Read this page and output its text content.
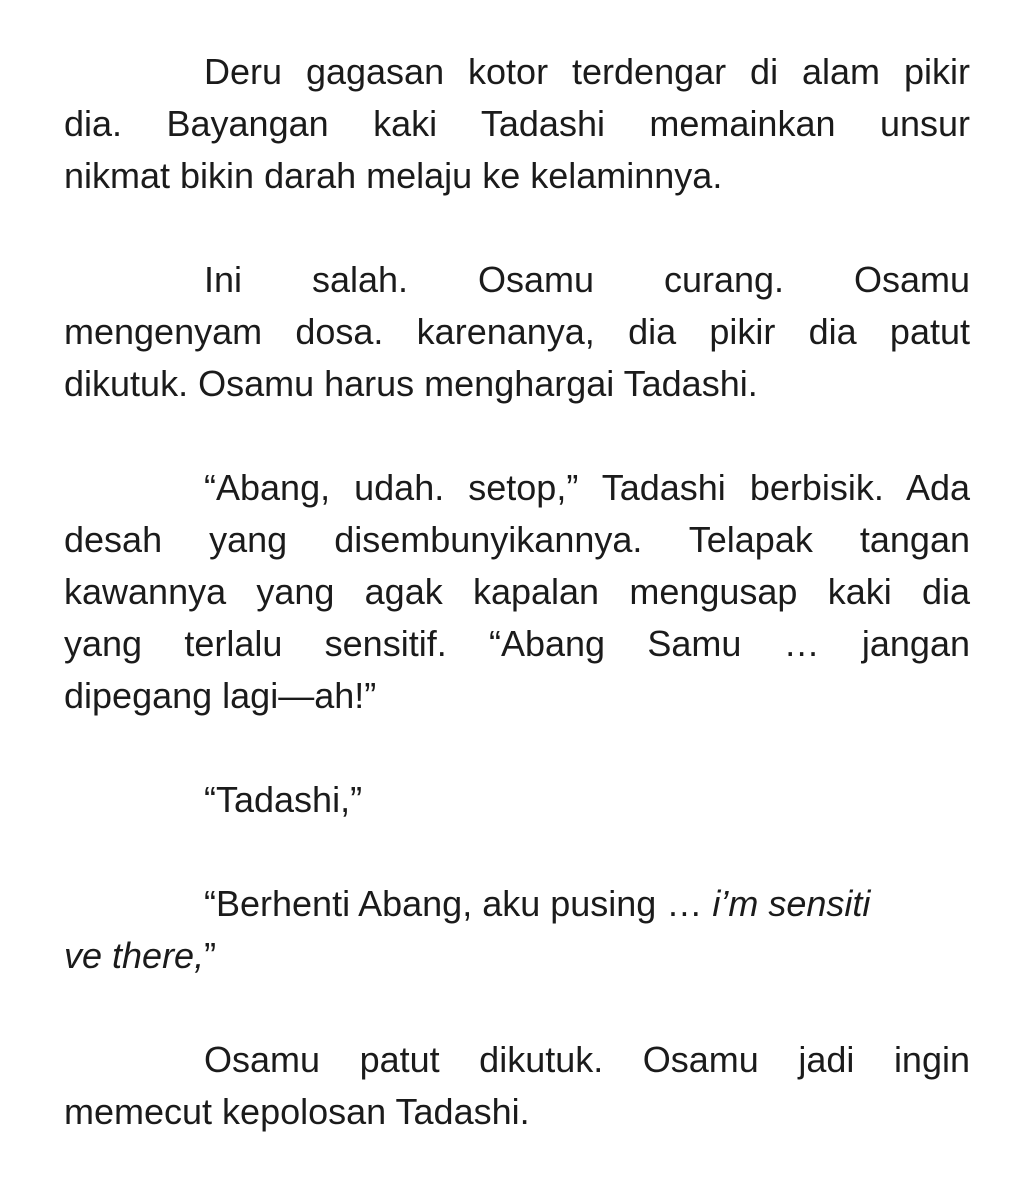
Deru gagasan kotor terdengar di alam pikir
dia. Bayangan kaki Tadashi memainkan unsur
nikmat bikin darah melaju ke kelaminnya.
Ini salah. Osamu curang. Osamu
mengenyam dosa. karenanya, dia pikir dia patut
dikutuk. Osamu harus menghargai Tadashi.
“Abang, udah. setop,” Tadashi berbisik. Ada
desah yang disembunyikannya. Telapak tangan
kawannya yang agak kapalan mengusap kaki dia
yang terlalu sensitif. “Abang Samu … jangan
dipegang lagi—ah!”
“Tadashi,”
“Berhenti Abang, aku pusing … i’m sensiti
ve there,”
Osamu patut dikutuk. Osamu jadi ingin
memecut kepolosan Tadashi.
